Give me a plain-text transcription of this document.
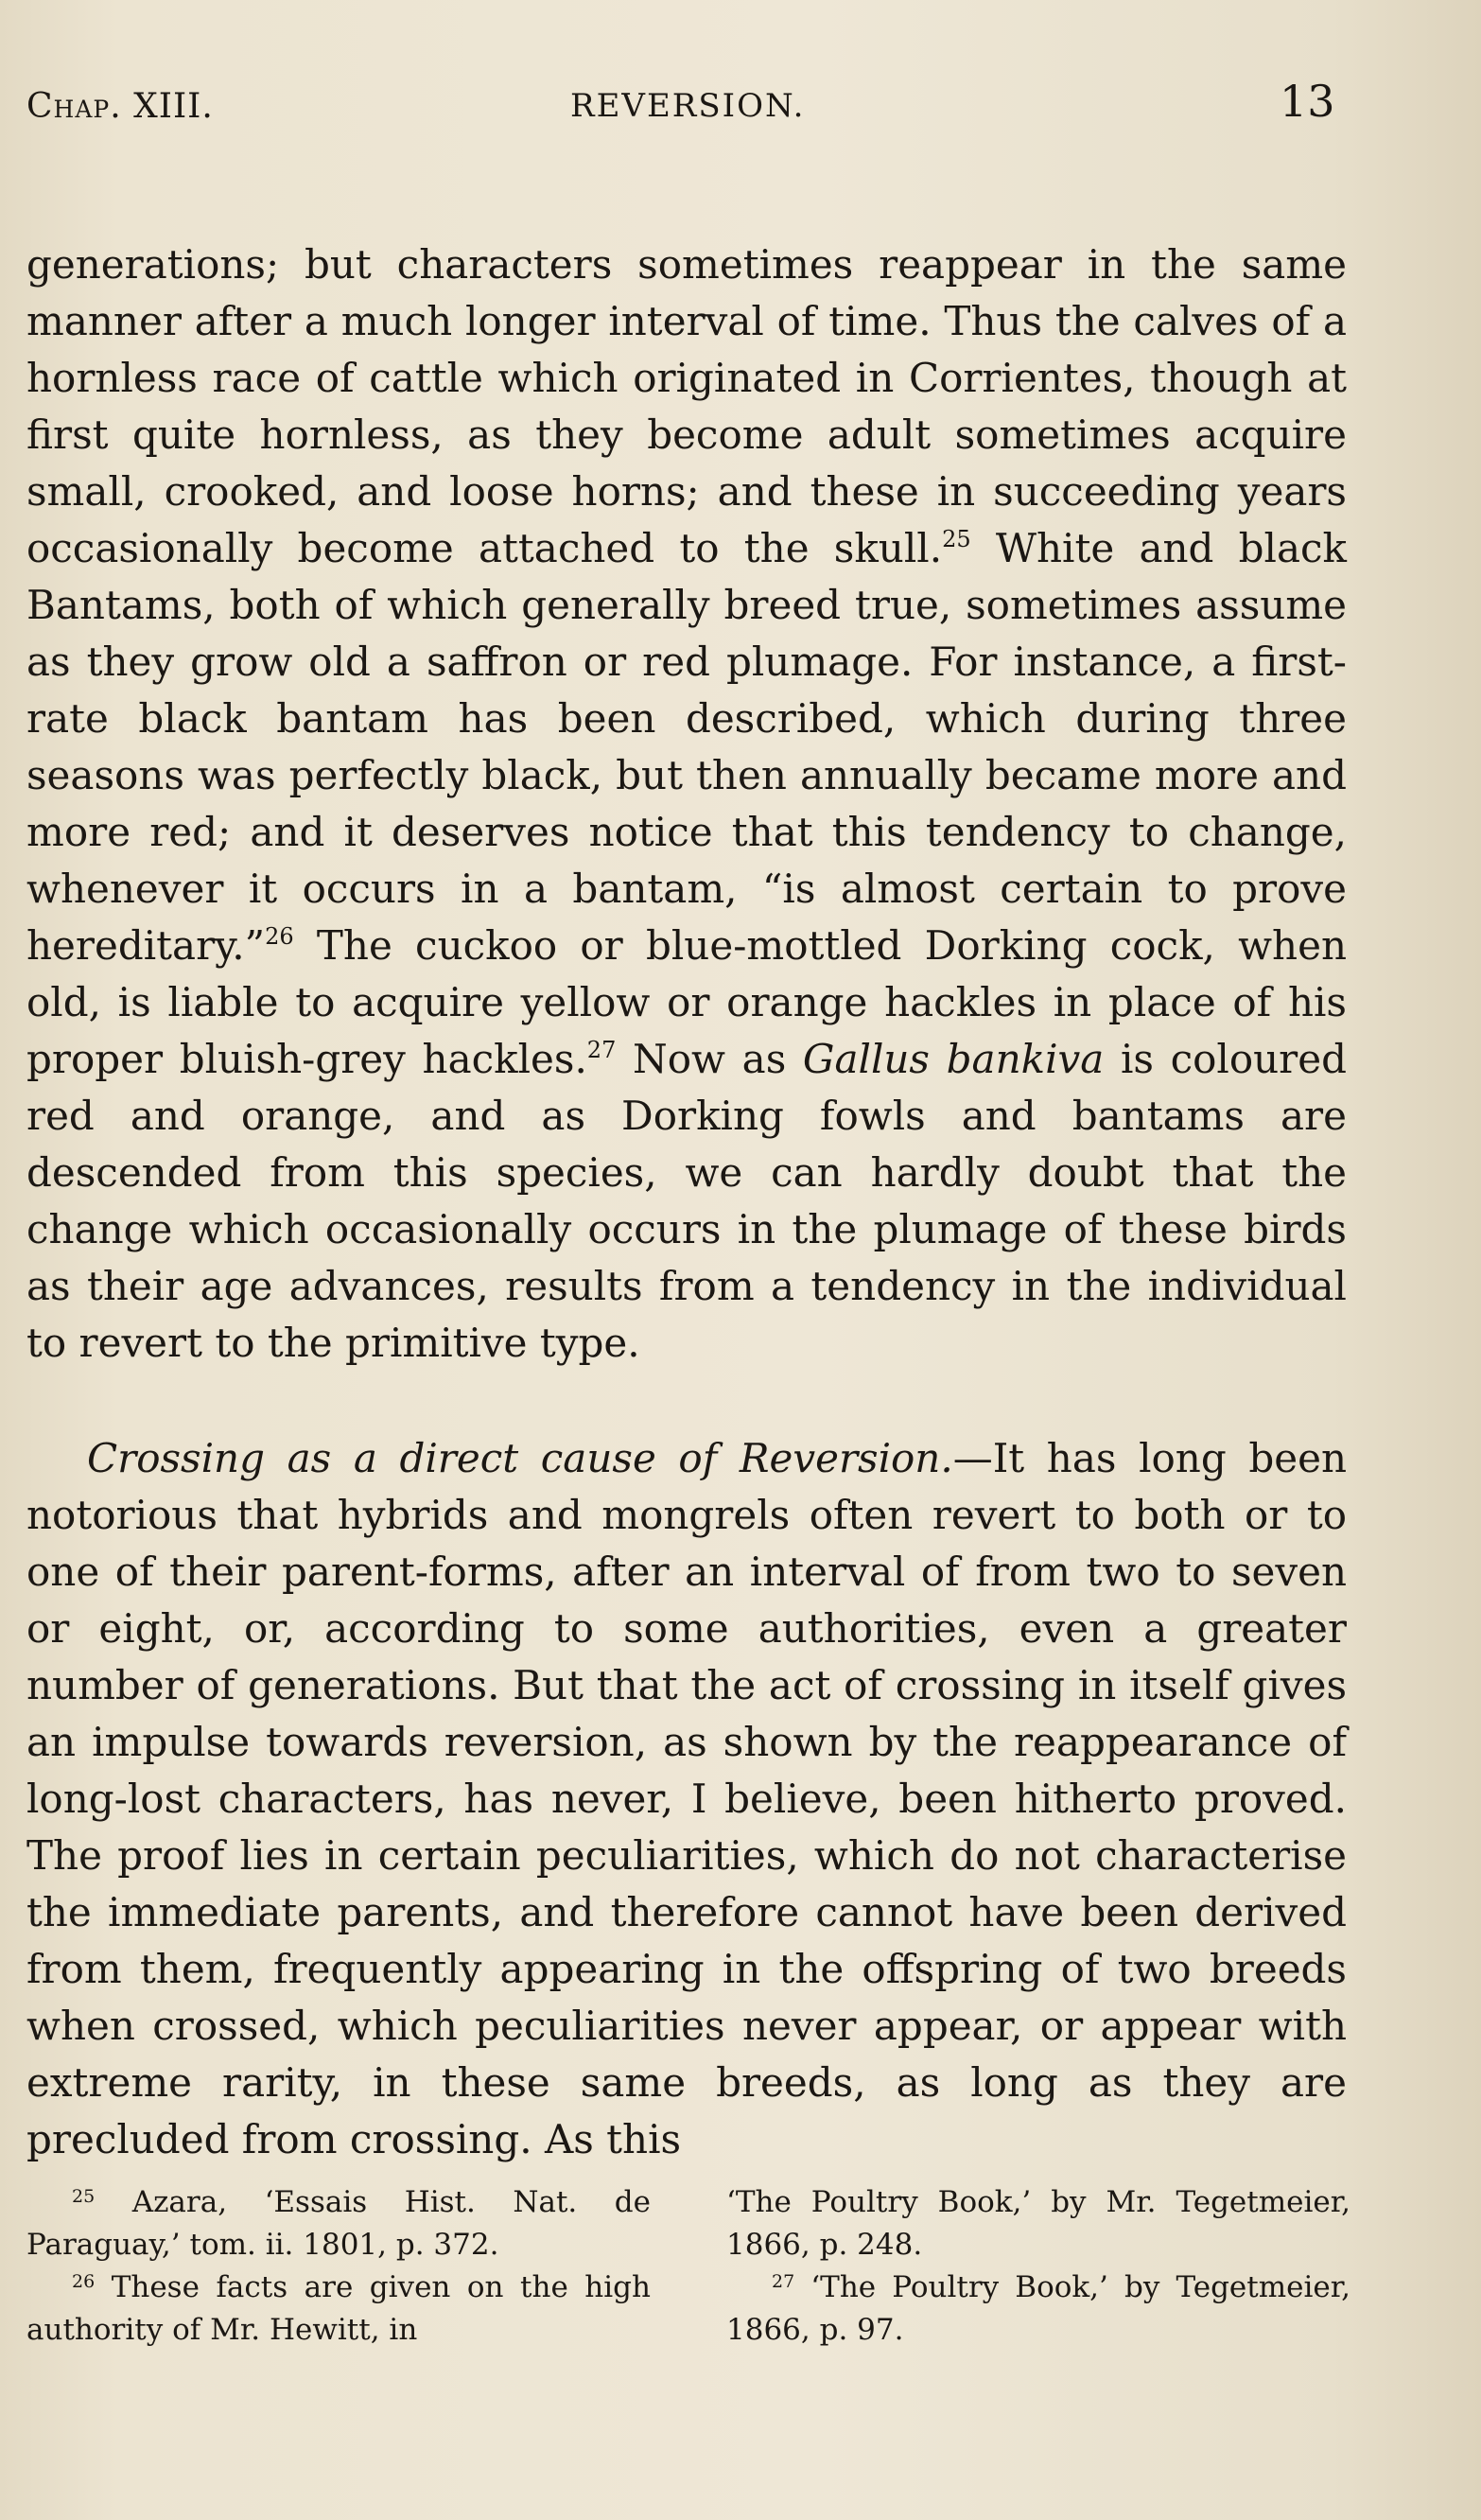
Chap. XIII.	REVERSION.	13

generations; but characters sometimes reappear in the same manner after a much longer interval of time. Thus the calves of a hornless race of cattle which originated in Corrientes, though at first quite hornless, as they become adult sometimes acquire small, crooked, and loose horns; and these in succeeding years occasionally become attached to the skull.$^{25}$ White and black Bantams, both of which generally breed true, sometimes assume as they grow old a saffron or red plumage. For instance, a first-rate black bantam has been described, which during three seasons was perfectly black, but then annually became more and more red; and it deserves notice that this tendency to change, whenever it occurs in a bantam, “is almost certain to prove hereditary.”$^{26}$ The cuckoo or blue-mottled Dorking cock, when old, is liable to acquire yellow or orange hackles in place of his proper bluish-grey hackles.$^{27}$ Now as Gallus bankiva is coloured red and orange, and as Dorking fowls and bantams are descended from this species, we can hardly doubt that the change which occasionally occurs in the plumage of these birds as their age advances, results from a tendency in the individual to revert to the primitive type.

Crossing as a direct cause of Reversion.—It has long been notorious that hybrids and mongrels often revert to both or to one of their parent-forms, after an interval of from two to seven or eight, or, according to some authorities, even a greater number of generations. But that the act of crossing in itself gives an impulse towards reversion, as shown by the reappearance of long-lost characters, has never, I believe, been hitherto proved. The proof lies in certain peculiarities, which do not characterise the immediate parents, and therefore cannot have been derived from them, frequently appearing in the offspring of two breeds when crossed, which peculiarities never appear, or appear with extreme rarity, in these same breeds, as long as they are precluded from crossing. As this

$^{25}$ Azara, ‘Essais Hist. Nat. de Paraguay,’ tom. ii. 1801, p. 372.

$^{26}$ These facts are given on the high authority of Mr. Hewitt, in

‘The Poultry Book,’ by Mr. Tegetmeier, 1866, p. 248.

$^{27}$ ‘The Poultry Book,’ by Tegetmeier, 1866, p. 97.
